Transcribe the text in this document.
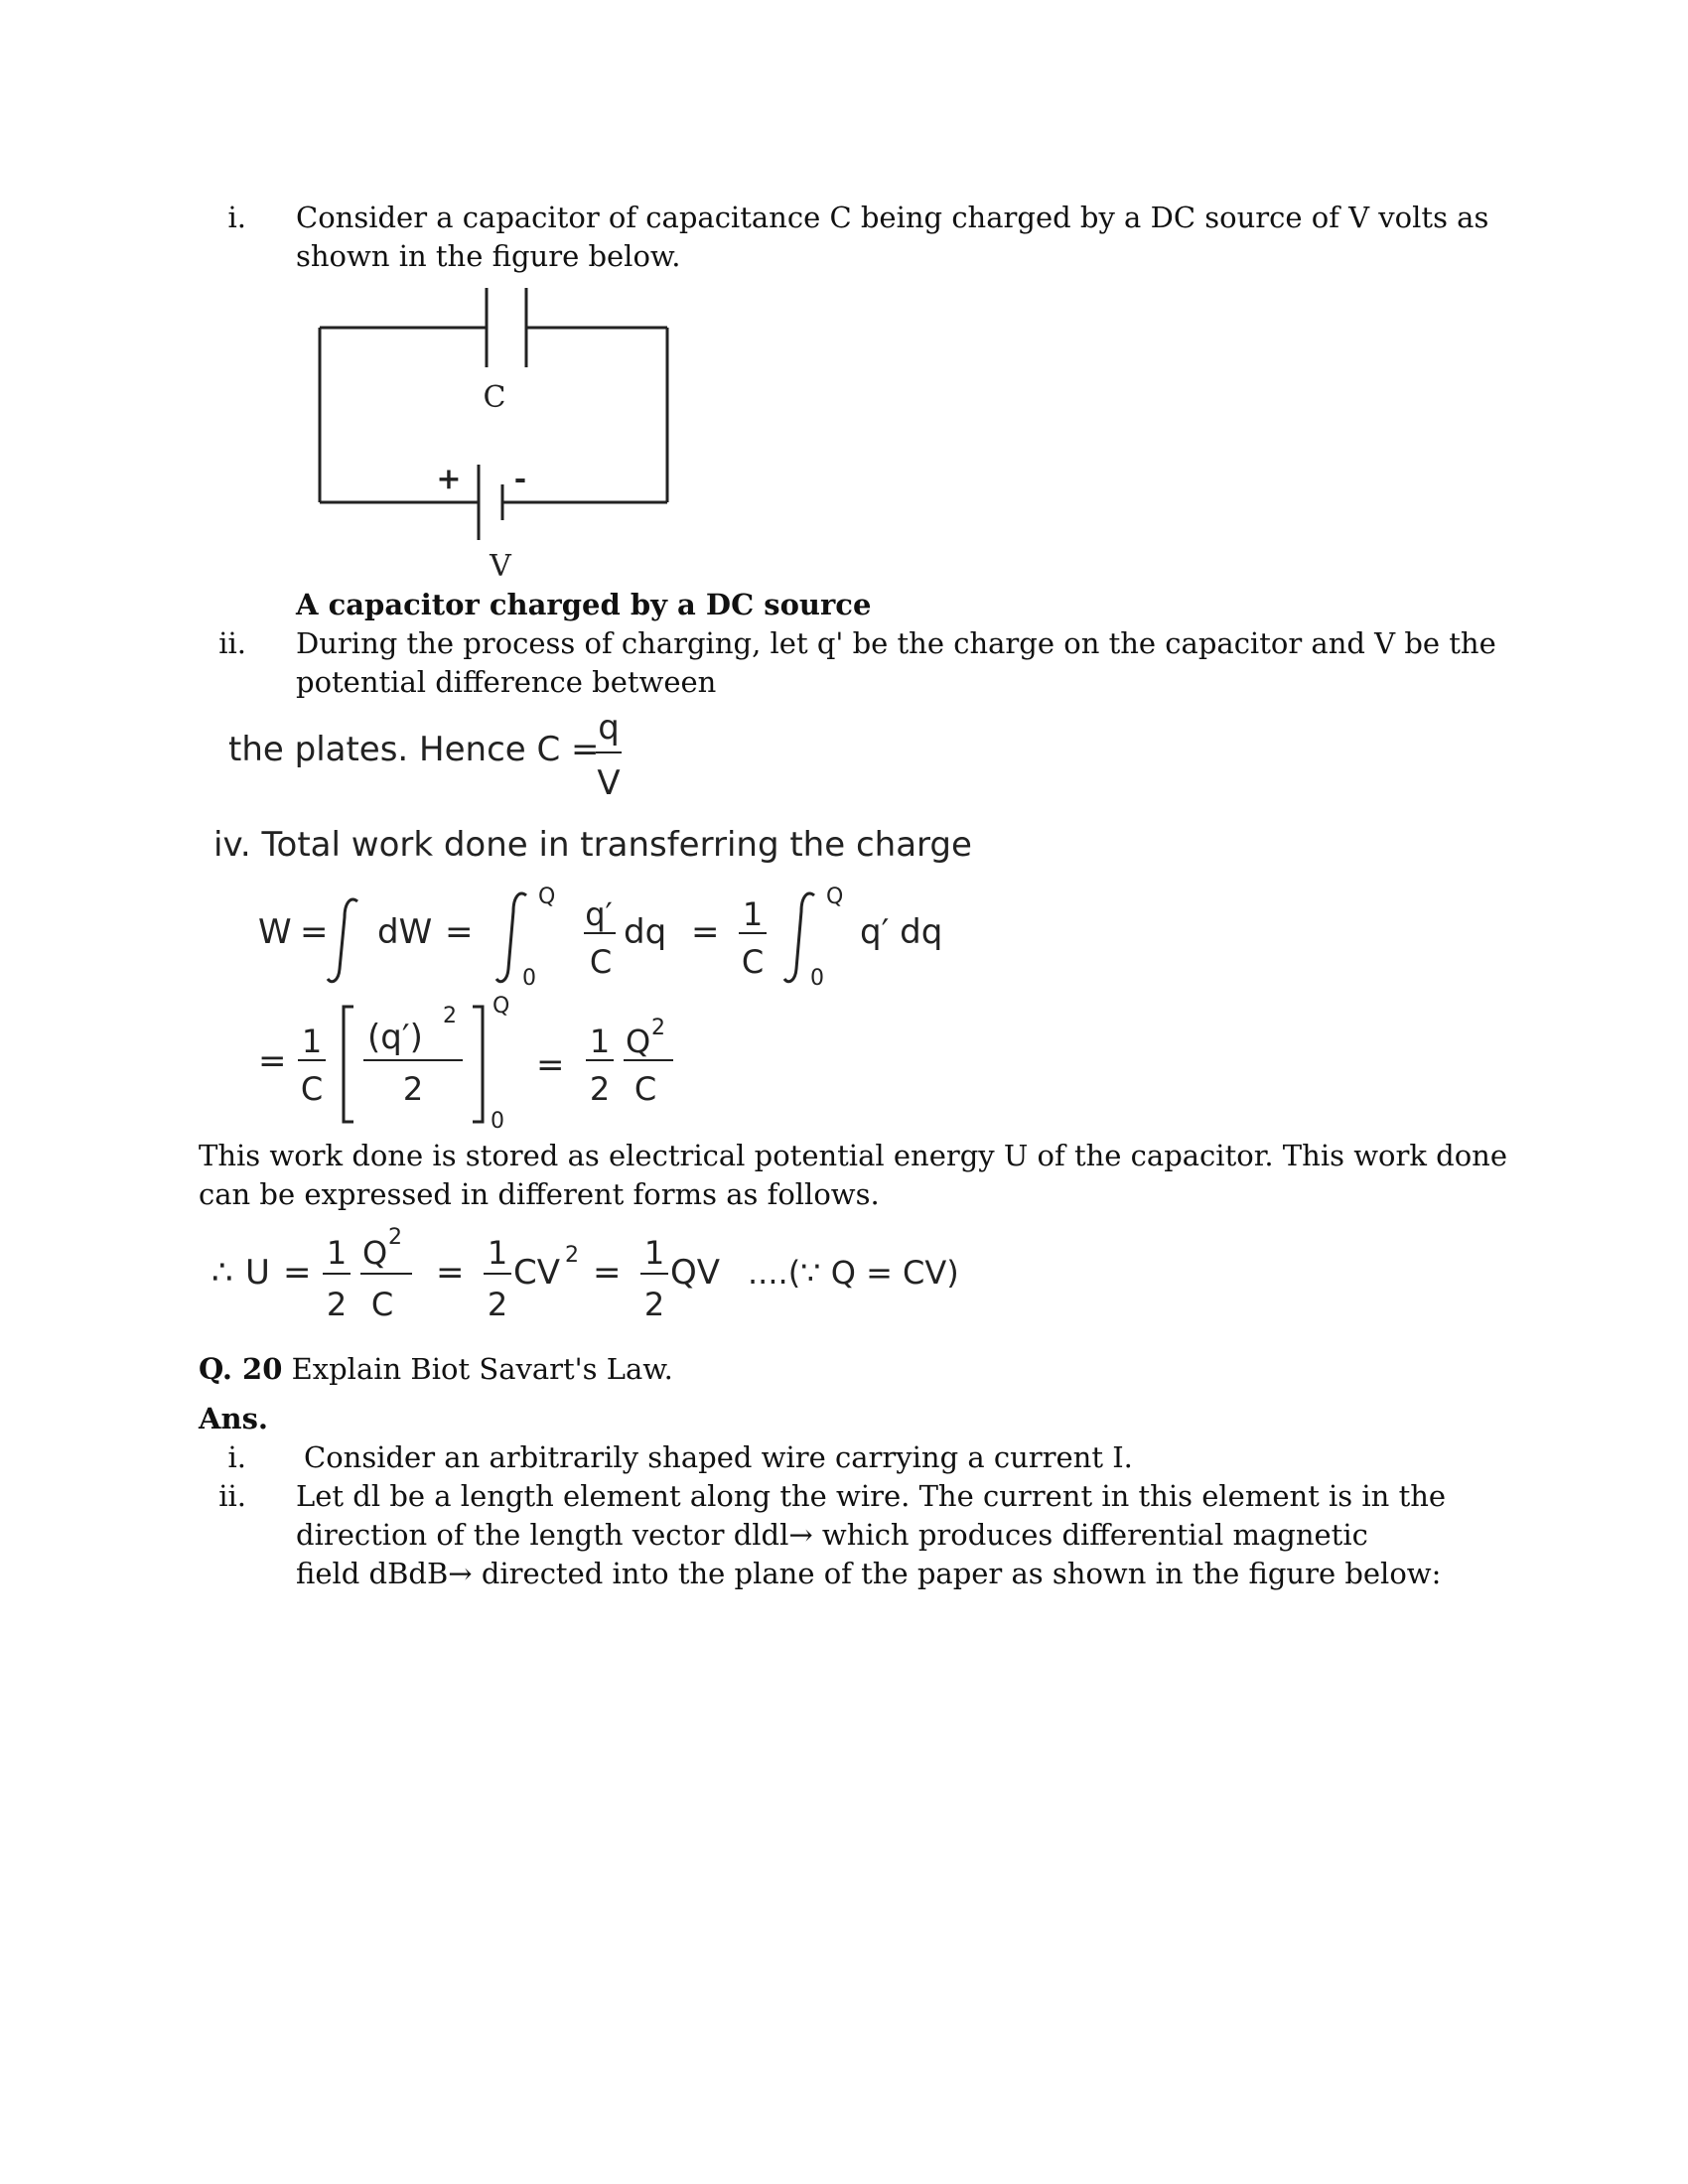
i. Consider a capacitor of capacitance C being charged by a DC source of V volts as
shown in the figure below.
C
+ -
V
A capacitor charged by a DC source
ii. During the process of charging, let q' be the charge on the capacitor and V be the
potential difference between
the plates. Hence C =
q
V
iv. Total work done in transferring the charge
W = dW =
Q
0
q′
C
dq = 1
C
Q
0
q′ dq
= 1
C
(q′)
2
2
Q
0
=
1
2
Q 2
C
This work done is stored as electrical potential energy U of the capacitor. This work done
can be expressed in different forms as follows.
∴ U = 1
2
Q 2
C
= 1
2
CV 2 = 1
2
QV ....(∵ Q = CV)
Q. 20 Explain Biot Savart's Law.
Ans.
i. Consider an arbitrarily shaped wire carrying a current I.
ii. Let dl be a length element along the wire. The current in this element is in the
direction of the length vector dldl→ which produces differential magnetic
field dBdB→ directed into the plane of the paper as shown in the figure below:
